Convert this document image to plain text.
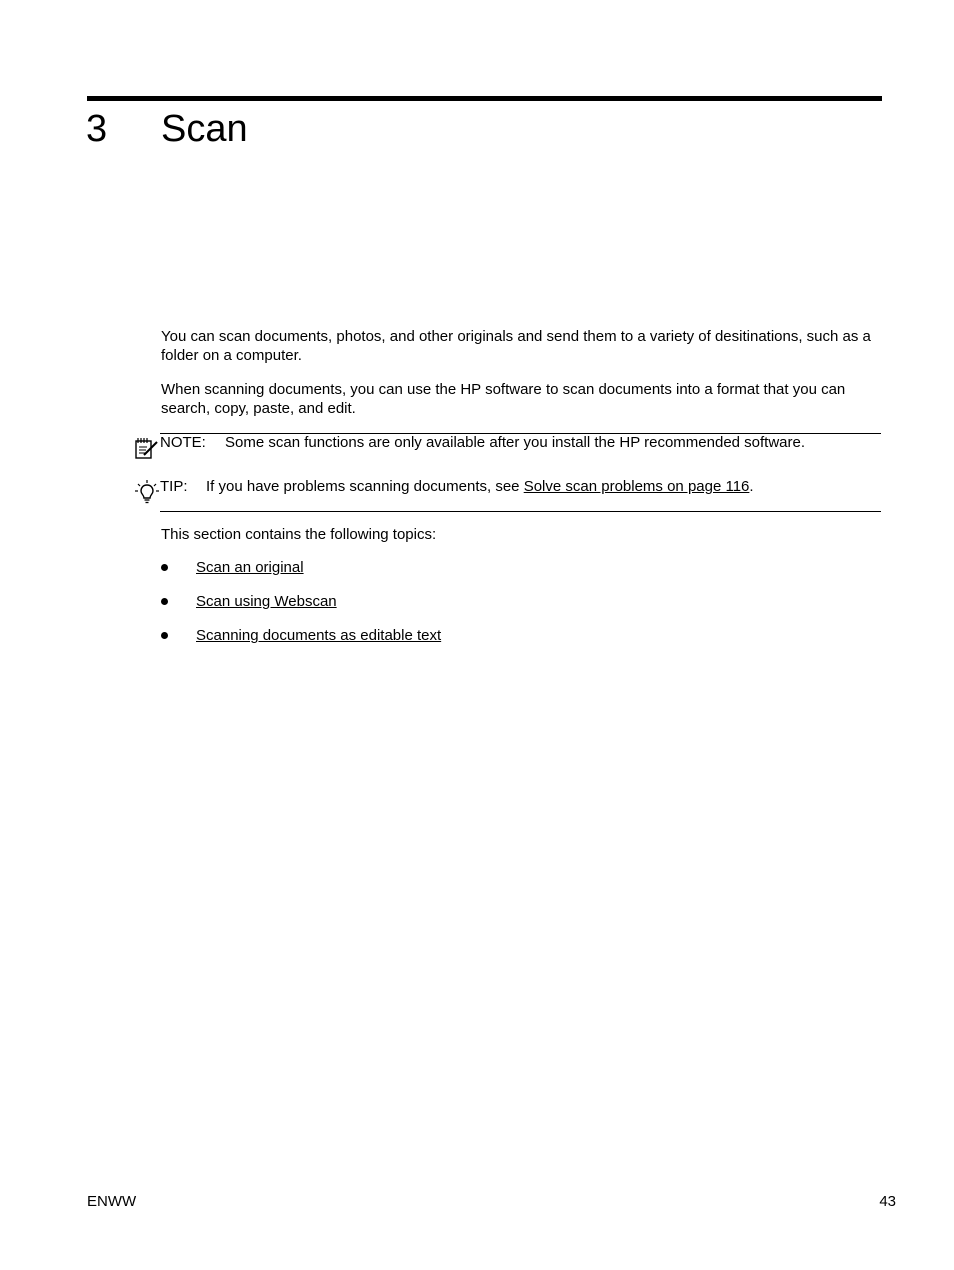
3 Scan

You can scan documents, photos, and other originals and send them to a variety of desitinations, such as a folder on a computer.

When scanning documents, you can use the HP software to scan documents into a format that you can search, copy, paste, and edit.

NOTE: Some scan functions are only available after you install the HP recommended software.
TIP: If you have problems scanning documents, see Solve scan problems on page 116.

This section contains the following topics:

Scan an original
Scan using Webscan
Scanning documents as editable text
ENWW	43
